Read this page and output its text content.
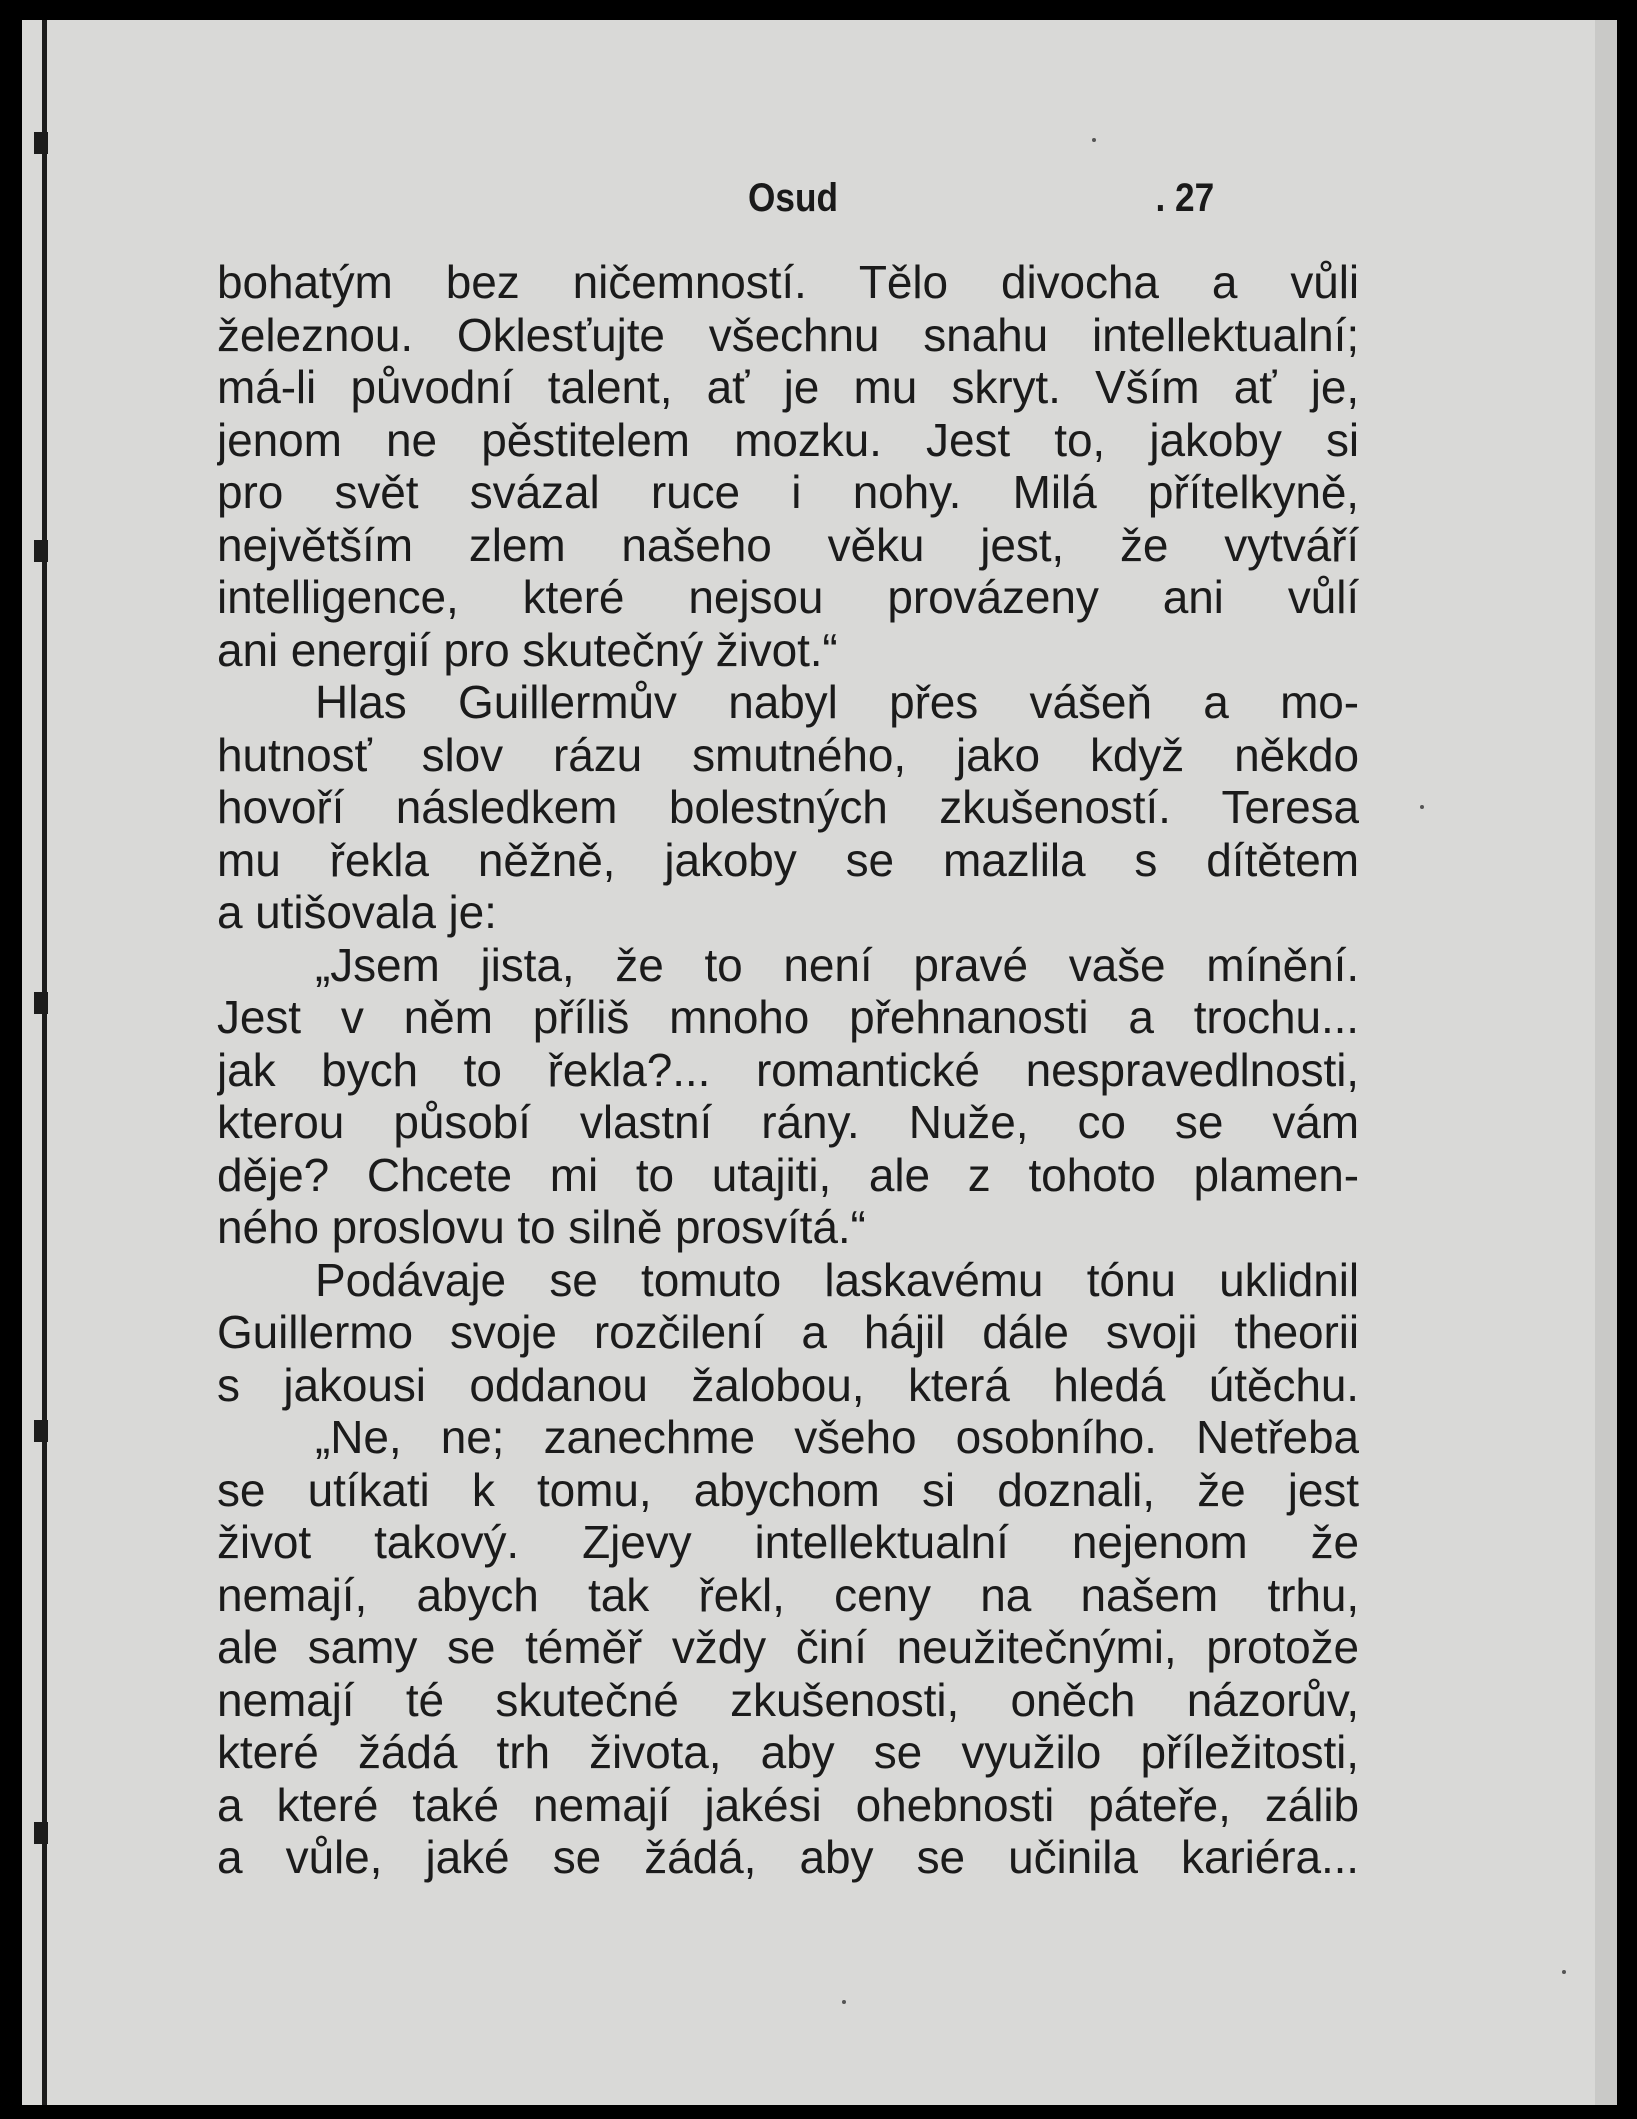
Osud	. 27
bohatým bez ničemností. Tělo divocha a vůli
železnou. Oklesťujte všechnu snahu intellektualní;
má-li původní talent, ať je mu skryt. Vším ať je,
jenom ne pěstitelem mozku. Jest to, jakoby si
pro svět svázal ruce i nohy. Milá přítelkyně,
největším zlem našeho věku jest, že vytváří
intelligence, které nejsou provázeny ani vůlí
ani energií pro skutečný život.“
Hlas Guillermův nabyl přes vášeň a mo-
hutnosť slov rázu smutného, jako když někdo
hovoří následkem bolestných zkušeností. Teresa
mu řekla něžně, jakoby se mazlila s dítětem
a utišovala je:
„Jsem jista, že to není pravé vaše mínění.
Jest v něm příliš mnoho přehnanosti a trochu...
jak bych to řekla?... romantické nespravedlnosti,
kterou působí vlastní rány. Nuže, co se vám
děje? Chcete mi to utajiti, ale z tohoto plamen-
ného proslovu to silně prosvítá.“
Podávaje se tomuto laskavému tónu uklidnil
Guillermo svoje rozčilení a hájil dále svoji theorii
s jakousi oddanou žalobou, která hledá útěchu.
„Ne, ne; zanechme všeho osobního. Netřeba
se utíkati k tomu, abychom si doznali, že jest
život takový. Zjevy intellektualní nejenom že
nemají, abych tak řekl, ceny na našem trhu,
ale samy se téměř vždy činí neužitečnými, protože
nemají té skutečné zkušenosti, oněch názorův,
které žádá trh života, aby se využilo příležitosti,
a které také nemají jakési ohebnosti páteře, zálib
a vůle, jaké se žádá, aby se učinila kariéra...
